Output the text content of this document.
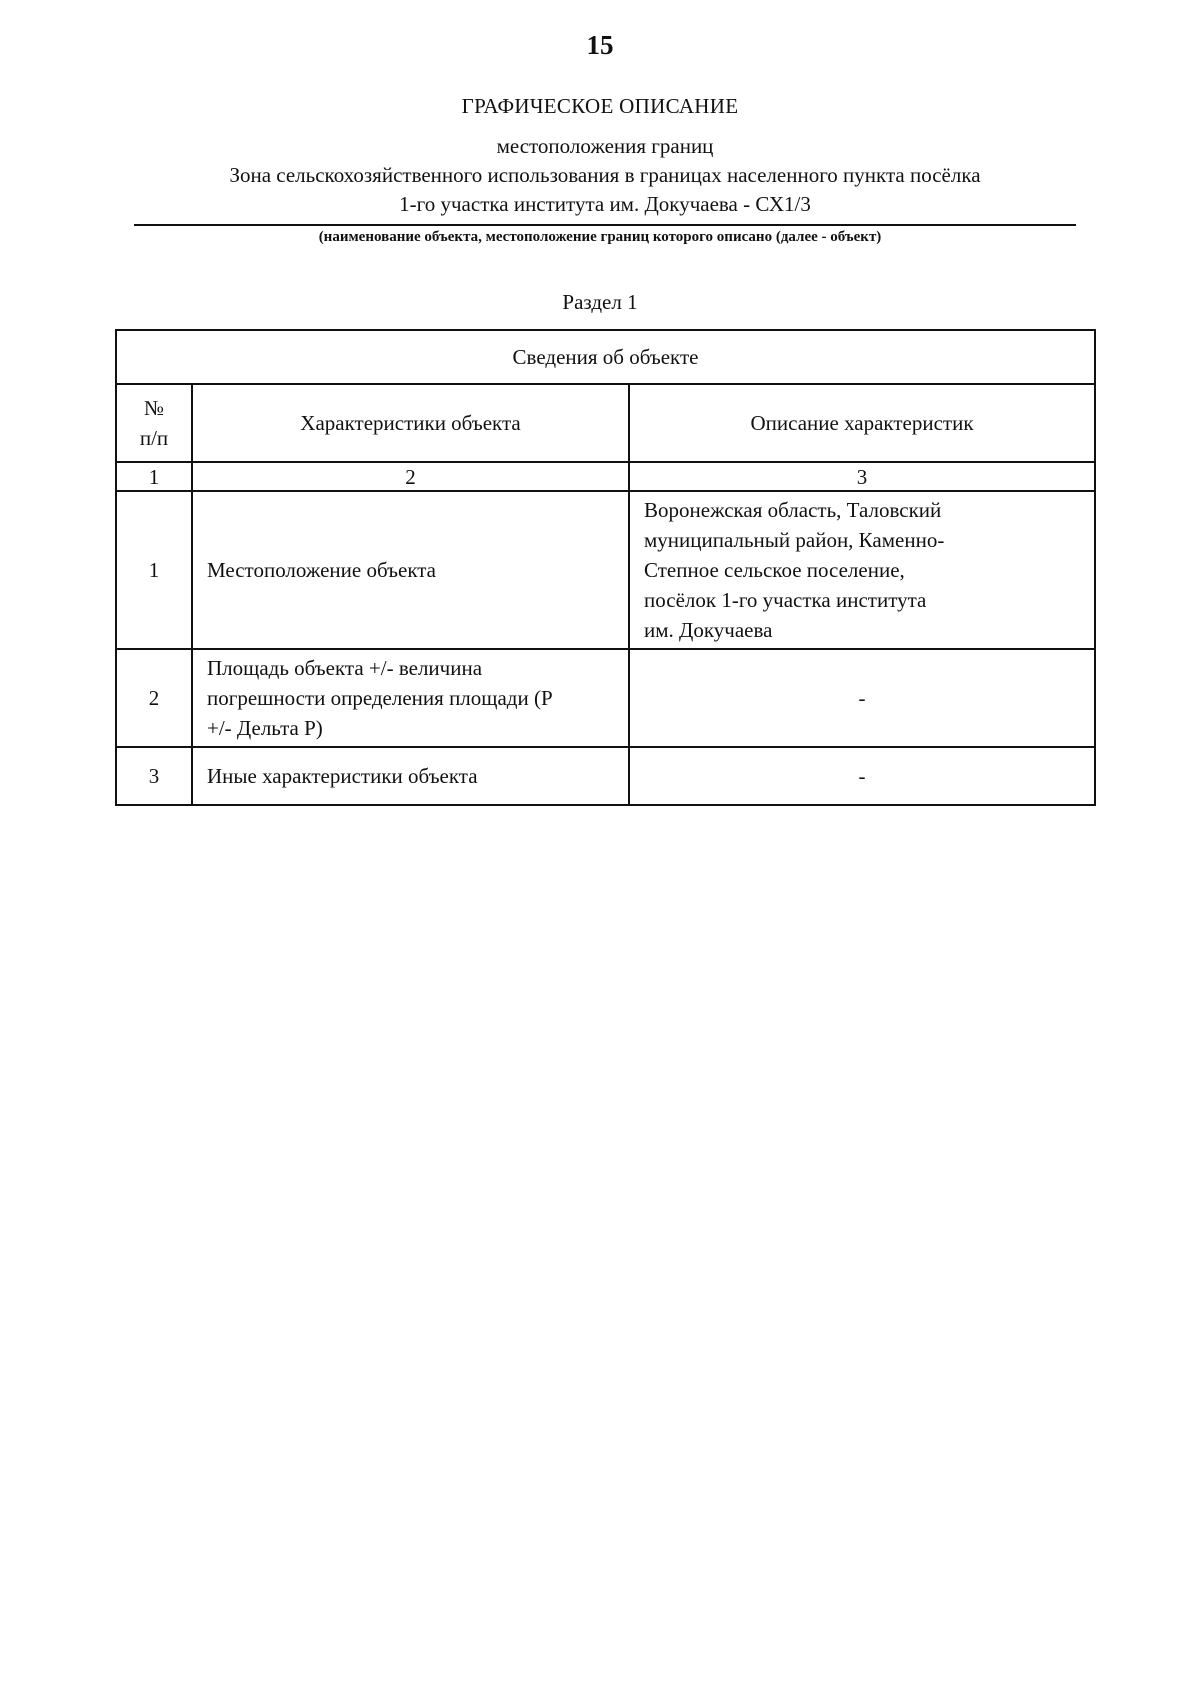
15
ГРАФИЧЕСКОЕ ОПИСАНИЕ
местоположения границ
Зона сельскохозяйственного использования в границах населенного пункта посёлка
1-го участка института им. Докучаева - СХ1/3
(наименование объекта, местоположение границ которого описано (далее - объект)
Раздел 1
Сведения об объекте		
№
п/п	Характеристики объекта	Описание характеристик
1	2	3
1	Местоположение объекта	Воронежская область, Таловский
муниципальный район, Каменно-
Степное сельское поселение,
посёлок 1-го участка института
им. Докучаева
2	Площадь объекта +/- величина
погрешности определения площади (Р
+/- Дельта Р)	-
3	Иные характеристики объекта	-
